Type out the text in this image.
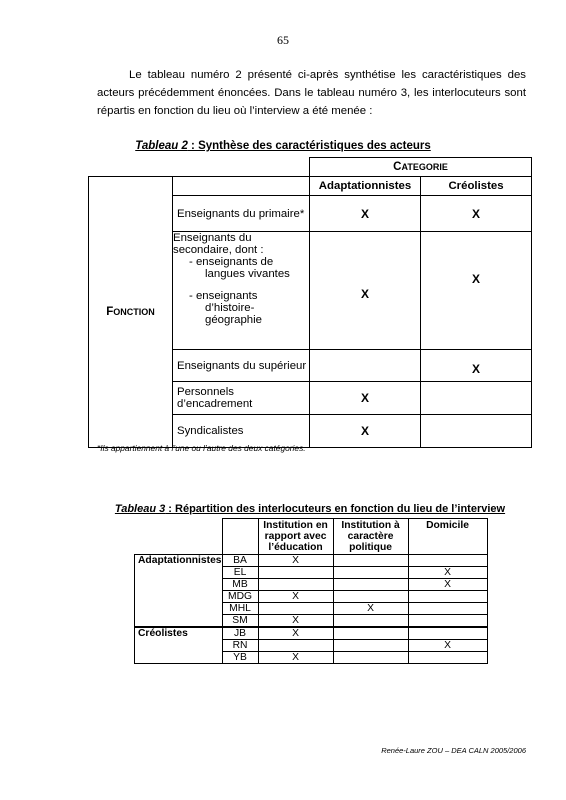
65

Le tableau numéro 2 présenté ci-après synthétise les caractéristiques des acteurs précédemment énoncées. Dans le tableau numéro 3, les interlocuteurs sont répartis en fonction du lieu où l’interview a été menée :

Tableau 2 : Synthèse des caractéristiques des acteurs
		CATEGORIE	
FONCTION		Adaptationnistes	Créolistes
	Enseignants du primaire*	X	X

	Enseignants du secondaire, dont :
- enseignants de
langues vivantes
- enseignants
d’histoire-géographie	X	X
	Enseignants du supérieur		X
	Personnels d’encadrement	X	
	Syndicalistes	X	
*Ils appartiennent à l’une ou l’autre des deux catégories.
Tableau 3 : Répartition des interlocuteurs en fonction du lieu de l’interview
		Institution en rapport avec l’éducation	Institution à caractère politique	Domicile
Adaptationnistes	BA	X		
	EL			X
	MB			X
	MDG	X		
	MHL		X	
	SM	X		
Créolistes	JB	X		
	RN			X
	YB	X		
Renée-Laure ZOU – DEA CALN 2005/2006
